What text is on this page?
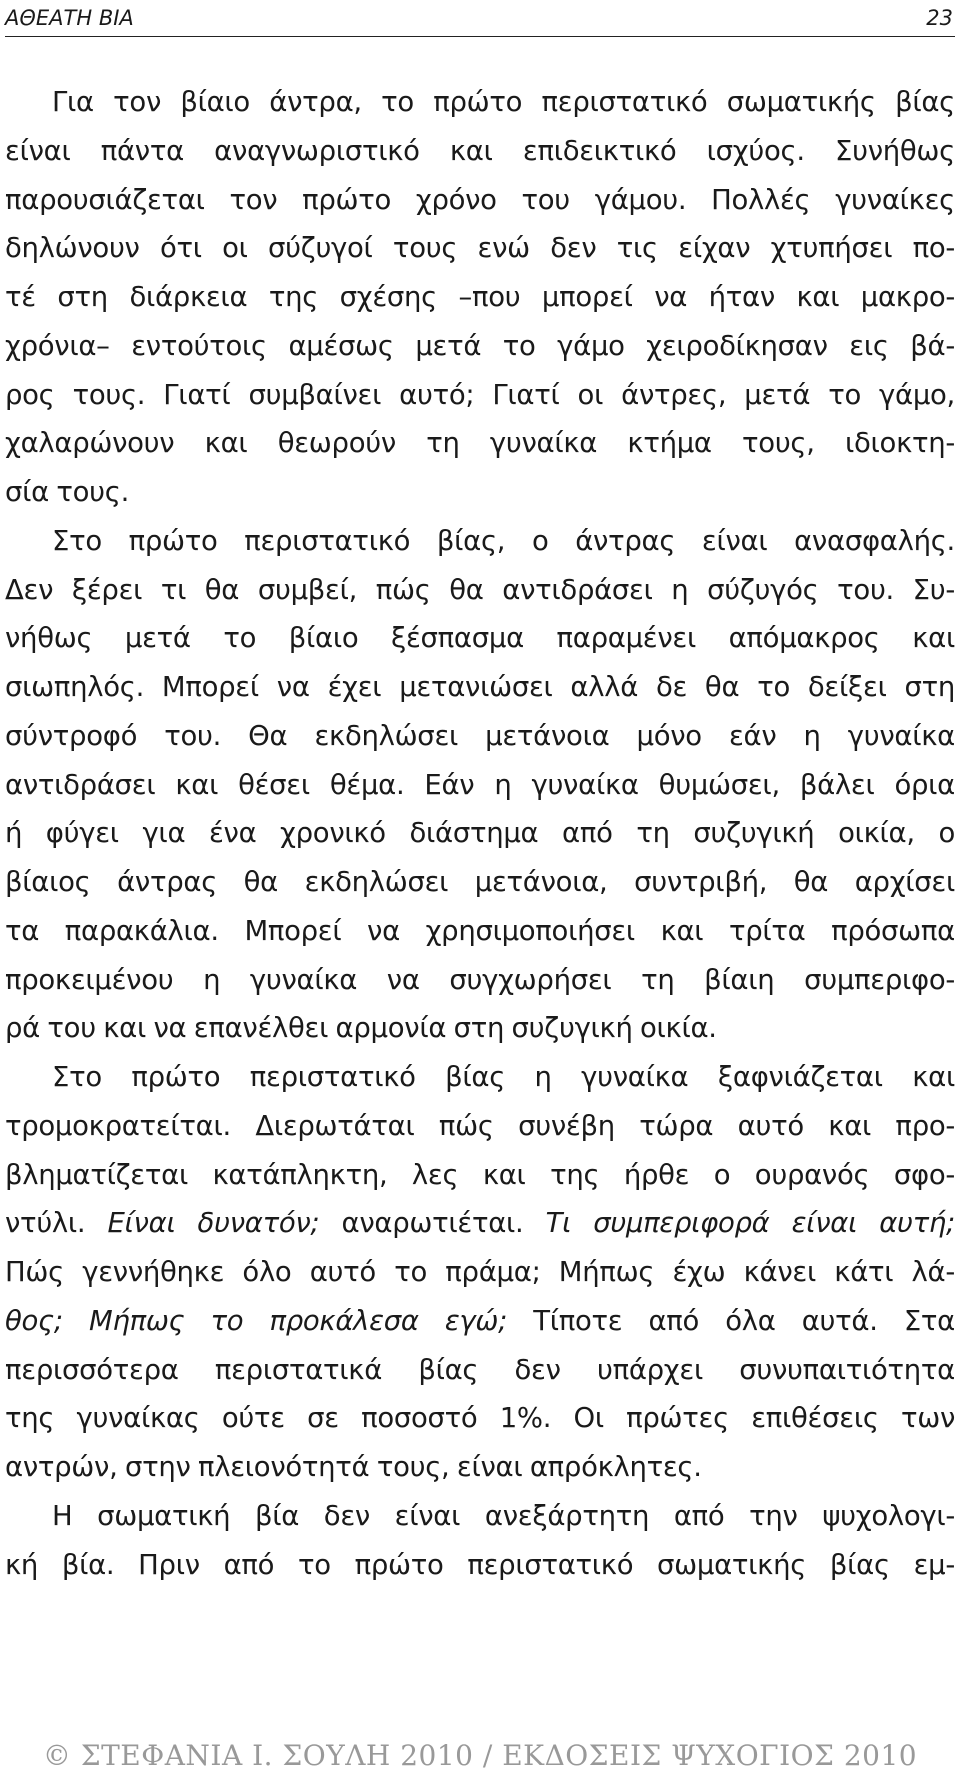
ΑΘΕΑΤΗ ΒΙΑ	23
Για τον βίαιο άντρα, το πρώτο περιστατικό σωματικής βίας
είναι πάντα αναγνωριστικό και επιδεικτικό ισχύος. Συνήθως
παρουσιάζεται τον πρώτο χρόνο του γάμου. Πολλές γυναίκες
δηλώνουν ότι οι σύζυγοί τους ενώ δεν τις είχαν χτυπήσει πο-
τέ στη διάρκεια της σχέσης –που μπορεί να ήταν και μακρο-
χρόνια– εντούτοις αμέσως μετά το γάμο χειροδίκησαν εις βά-
ρος τους. Γιατί συμβαίνει αυτό; Γιατί οι άντρες, μετά το γάμο,
χαλαρώνουν και θεωρούν τη γυναίκα κτήμα τους, ιδιοκτη-
σία τους.
Στο πρώτο περιστατικό βίας, ο άντρας είναι ανασφαλής.
Δεν ξέρει τι θα συμβεί, πώς θα αντιδράσει η σύζυγός του. Συ-
νήθως μετά το βίαιο ξέσπασμα παραμένει απόμακρος και
σιωπηλός. Μπορεί να έχει μετανιώσει αλλά δε θα το δείξει στη
σύντροφό του. Θα εκδηλώσει μετάνοια μόνο εάν η γυναίκα
αντιδράσει και θέσει θέμα. Εάν η γυναίκα θυμώσει, βάλει όρια
ή φύγει για ένα χρονικό διάστημα από τη συζυγική οικία, ο
βίαιος άντρας θα εκδηλώσει μετάνοια, συντριβή, θα αρχίσει
τα παρακάλια. Μπορεί να χρησιμοποιήσει και τρίτα πρόσωπα
προκειμένου η γυναίκα να συγχωρήσει τη βίαιη συμπεριφο-
ρά του και να επανέλθει αρμονία στη συζυγική οικία.
Στο πρώτο περιστατικό βίας η γυναίκα ξαφνιάζεται και
τρομοκρατείται. Διερωτάται πώς συνέβη τώρα αυτό και προ-
βληματίζεται κατάπληκτη, λες και της ήρθε ο ουρανός σφο-
ντύλι. Είναι δυνατόν; αναρωτιέται. Τι συμπεριφορά είναι αυτή;
Πώς γεννήθηκε όλο αυτό το πράμα; Μήπως έχω κάνει κάτι λά-
θος; Μήπως το προκάλεσα εγώ; Τίποτε από όλα αυτά. Στα
περισσότερα περιστατικά βίας δεν υπάρχει συνυπαιτιότητα
της γυναίκας ούτε σε ποσοστό 1%. Οι πρώτες επιθέσεις των
αντρών, στην πλειονότητά τους, είναι απρόκλητες.
Η σωματική βία δεν είναι ανεξάρτητη από την ψυχολογι-
κή βία. Πριν από το πρώτο περιστατικό σωματικής βίας εμ-
© ΣΤΕΦΑΝΙΑ Ι. ΣΟΥΛΗ 2010 / ΕΚΔΟΣΕΙΣ ΨΥΧΟΓΙΟΣ 2010
